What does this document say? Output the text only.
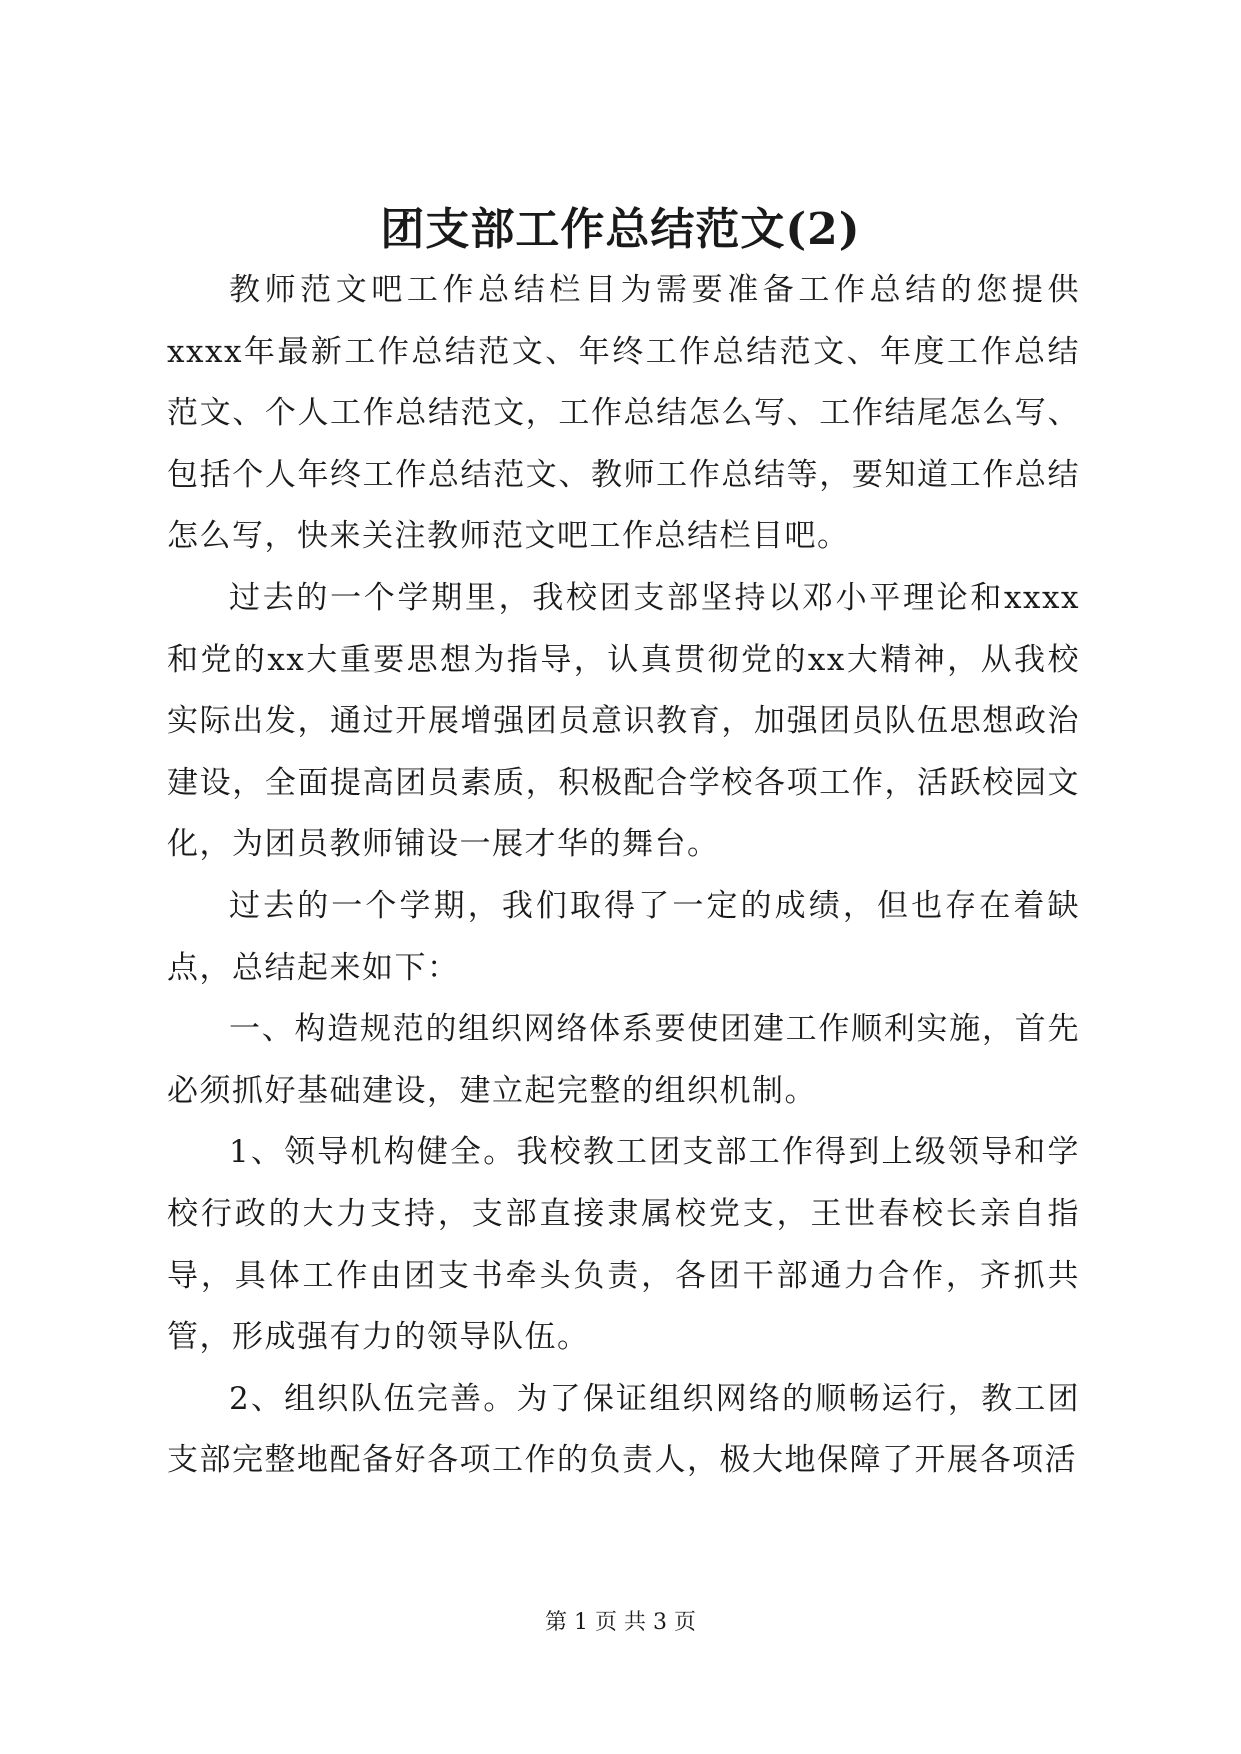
团支部工作总结范文(2)

教师范文吧工作总结栏目为需要准备工作总结的您提供xxxx年最新工作总结范文、年终工作总结范文、年度工作总结范文、个人工作总结范文，工作总结怎么写、工作结尾怎么写、包括个人年终工作总结范文、教师工作总结等，要知道工作总结怎么写，快来关注教师范文吧工作总结栏目吧。

过去的一个学期里，我校团支部坚持以邓小平理论和xxxx和党的xx大重要思想为指导，认真贯彻党的xx大精神，从我校实际出发，通过开展增强团员意识教育，加强团员队伍思想政治建设，全面提高团员素质，积极配合学校各项工作，活跃校园文化，为团员教师铺设一展才华的舞台。

过去的一个学期，我们取得了一定的成绩，但也存在着缺点，总结起来如下：

一、构造规范的组织网络体系要使团建工作顺利实施，首先必须抓好基础建设，建立起完整的组织机制。

1、领导机构健全。我校教工团支部工作得到上级领导和学校行政的大力支持，支部直接隶属校党支，王世春校长亲自指导，具体工作由团支书牵头负责，各团干部通力合作，齐抓共管，形成强有力的领导队伍。

2、组织队伍完善。为了保证组织网络的顺畅运行，教工团支部完整地配备好各项工作的负责人，极大地保障了开展各项活

第 1 页 共 3 页
